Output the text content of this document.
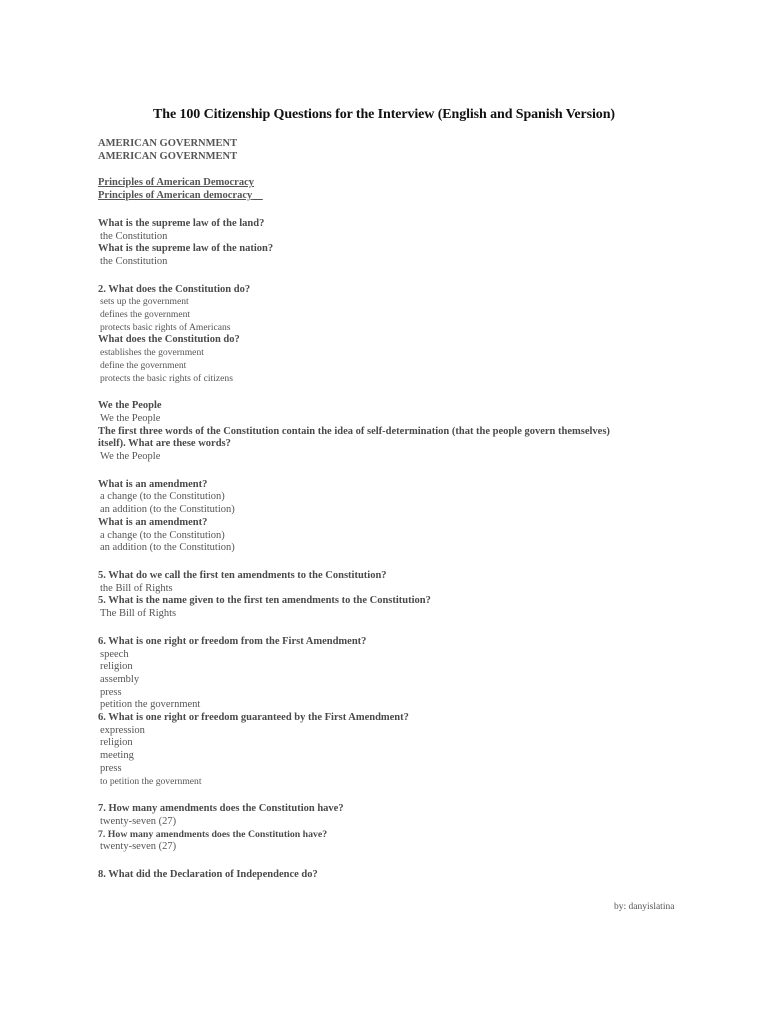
The 100 Citizenship Questions for the Interview (English and Spanish Version)
AMERICAN GOVERNMENT
AMERICAN GOVERNMENT
Principles of American Democracy
Principles of American democracy
What is the supreme law of the land?
the Constitution
What is the supreme law of the nation?
the Constitution
2. What does the Constitution do?
sets up the government
defines the government
protects basic rights of Americans
What does the Constitution do?
establishes the government
define the government
protects the basic rights of citizens
We the People
We the People
The first three words of the Constitution contain the idea of self-determination (that the people govern themselves)
itself). What are these words?
We the People
What is an amendment?
a change (to the Constitution)
an addition (to the Constitution)
What is an amendment?
a change (to the Constitution)
an addition (to the Constitution)
5. What do we call the first ten amendments to the Constitution?
the Bill of Rights
5. What is the name given to the first ten amendments to the Constitution?
The Bill of Rights
6. What is one right or freedom from the First Amendment?
speech
religion
assembly
press
petition the government
6. What is one right or freedom guaranteed by the First Amendment?
expression
religion
meeting
press
to petition the government
7. How many amendments does the Constitution have?
twenty-seven (27)
7. How many amendments does the Constitution have?
twenty-seven (27)
8. What did the Declaration of Independence do?
by: danyislatina
